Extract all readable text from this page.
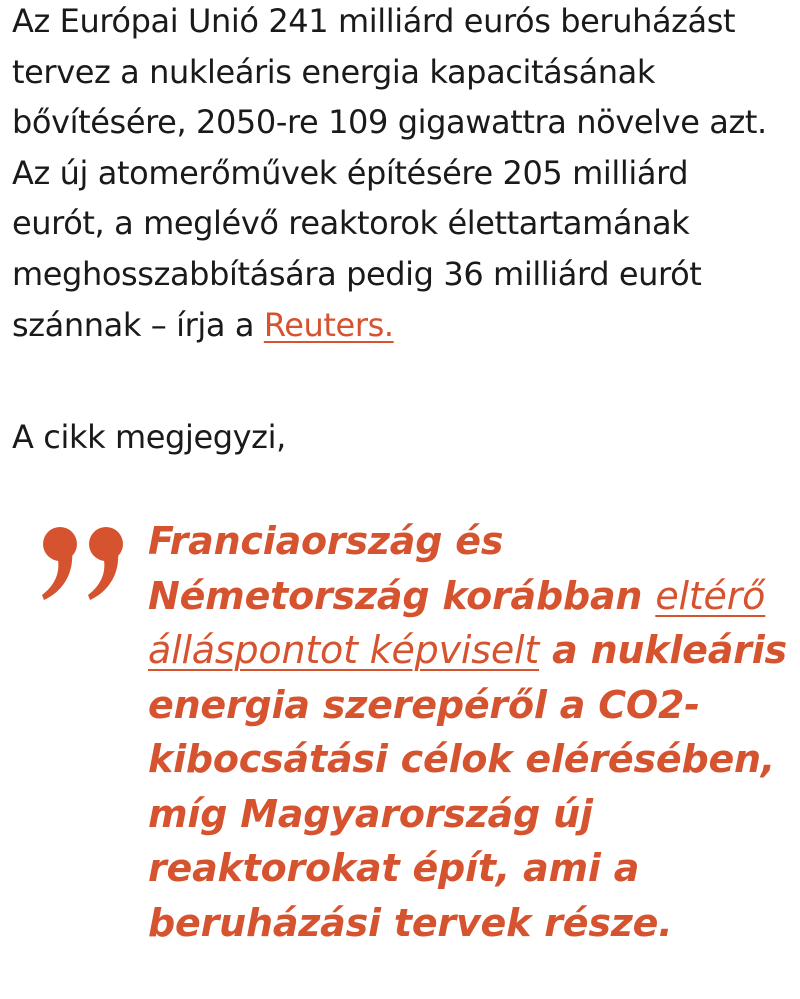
Az Európai Unió 241 milliárd eurós beruházást
tervez a nukleáris energia kapacitásának
bővítésére, 2050-re 109 gigawattra növelve azt.
Az új atomerőművek építésére 205 milliárd
eurót, a meglévő reaktorok élettartamának
meghosszabbítására pedig 36 milliárd eurót
szánnak – írja a Reuters.

A cikk megjegyzi,

Franciaország és Németország korábban eltérő álláspontot képviselt a nukleáris energia szerepéről a CO2-kibocsátási célok elérésében, míg Magyarország új reaktorokat épít, ami a beruházási tervek része.
